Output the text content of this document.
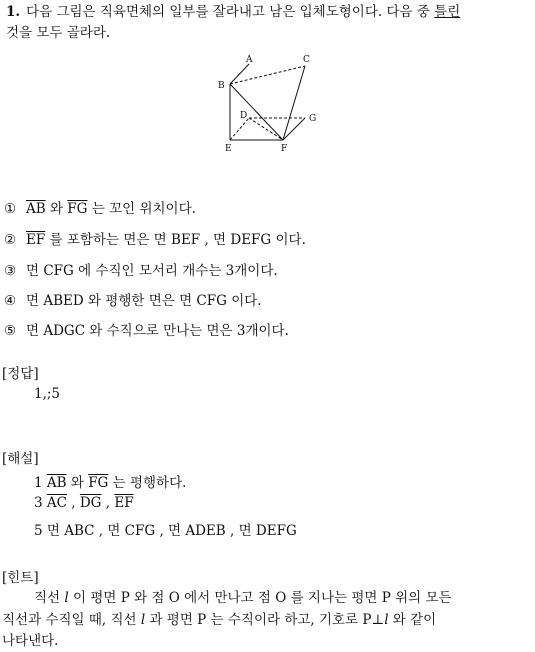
1. 다음 그림은 직육면체의 일부를 잘라내고 남은 입체도형이다. 다음 중 틀린
것을 모두 골라라.
A
B
C
D
E	F
G
① $\overline{AB}$ 와 $\overline{FG}$ 는 꼬인 위치이다.
② $\overline{EF}$ 를 포함하는 면은 면 BEF , 면 DEFG 이다.
③ 면 CFG 에 수직인 모서리 개수는 3개이다.
④ 면 ABED 와 평행한 면은 면 CFG 이다.
⑤ 면 ADGC 와 수직으로 만나는 면은 3개이다.
[정답]
1,;5
[해설]
1 $\overline{AB}$ 와 $\overline{FG}$ 는 평행하다.
3 $\overline{AC}$ , $\overline{DG}$ , $\overline{EF}$
5 면 ABC , 면 CFG , 면 ADEB , 면 DEFG
[힌트]
직선 l 이 평면 P 와 점 O 에서 만나고 점 O 를 지나는 평면 P 위의 모든
직선과 수직일 때, 직선 l 과 평면 P 는 수직이라 하고, 기호로 P⊥l 와 같이
나타낸다.
